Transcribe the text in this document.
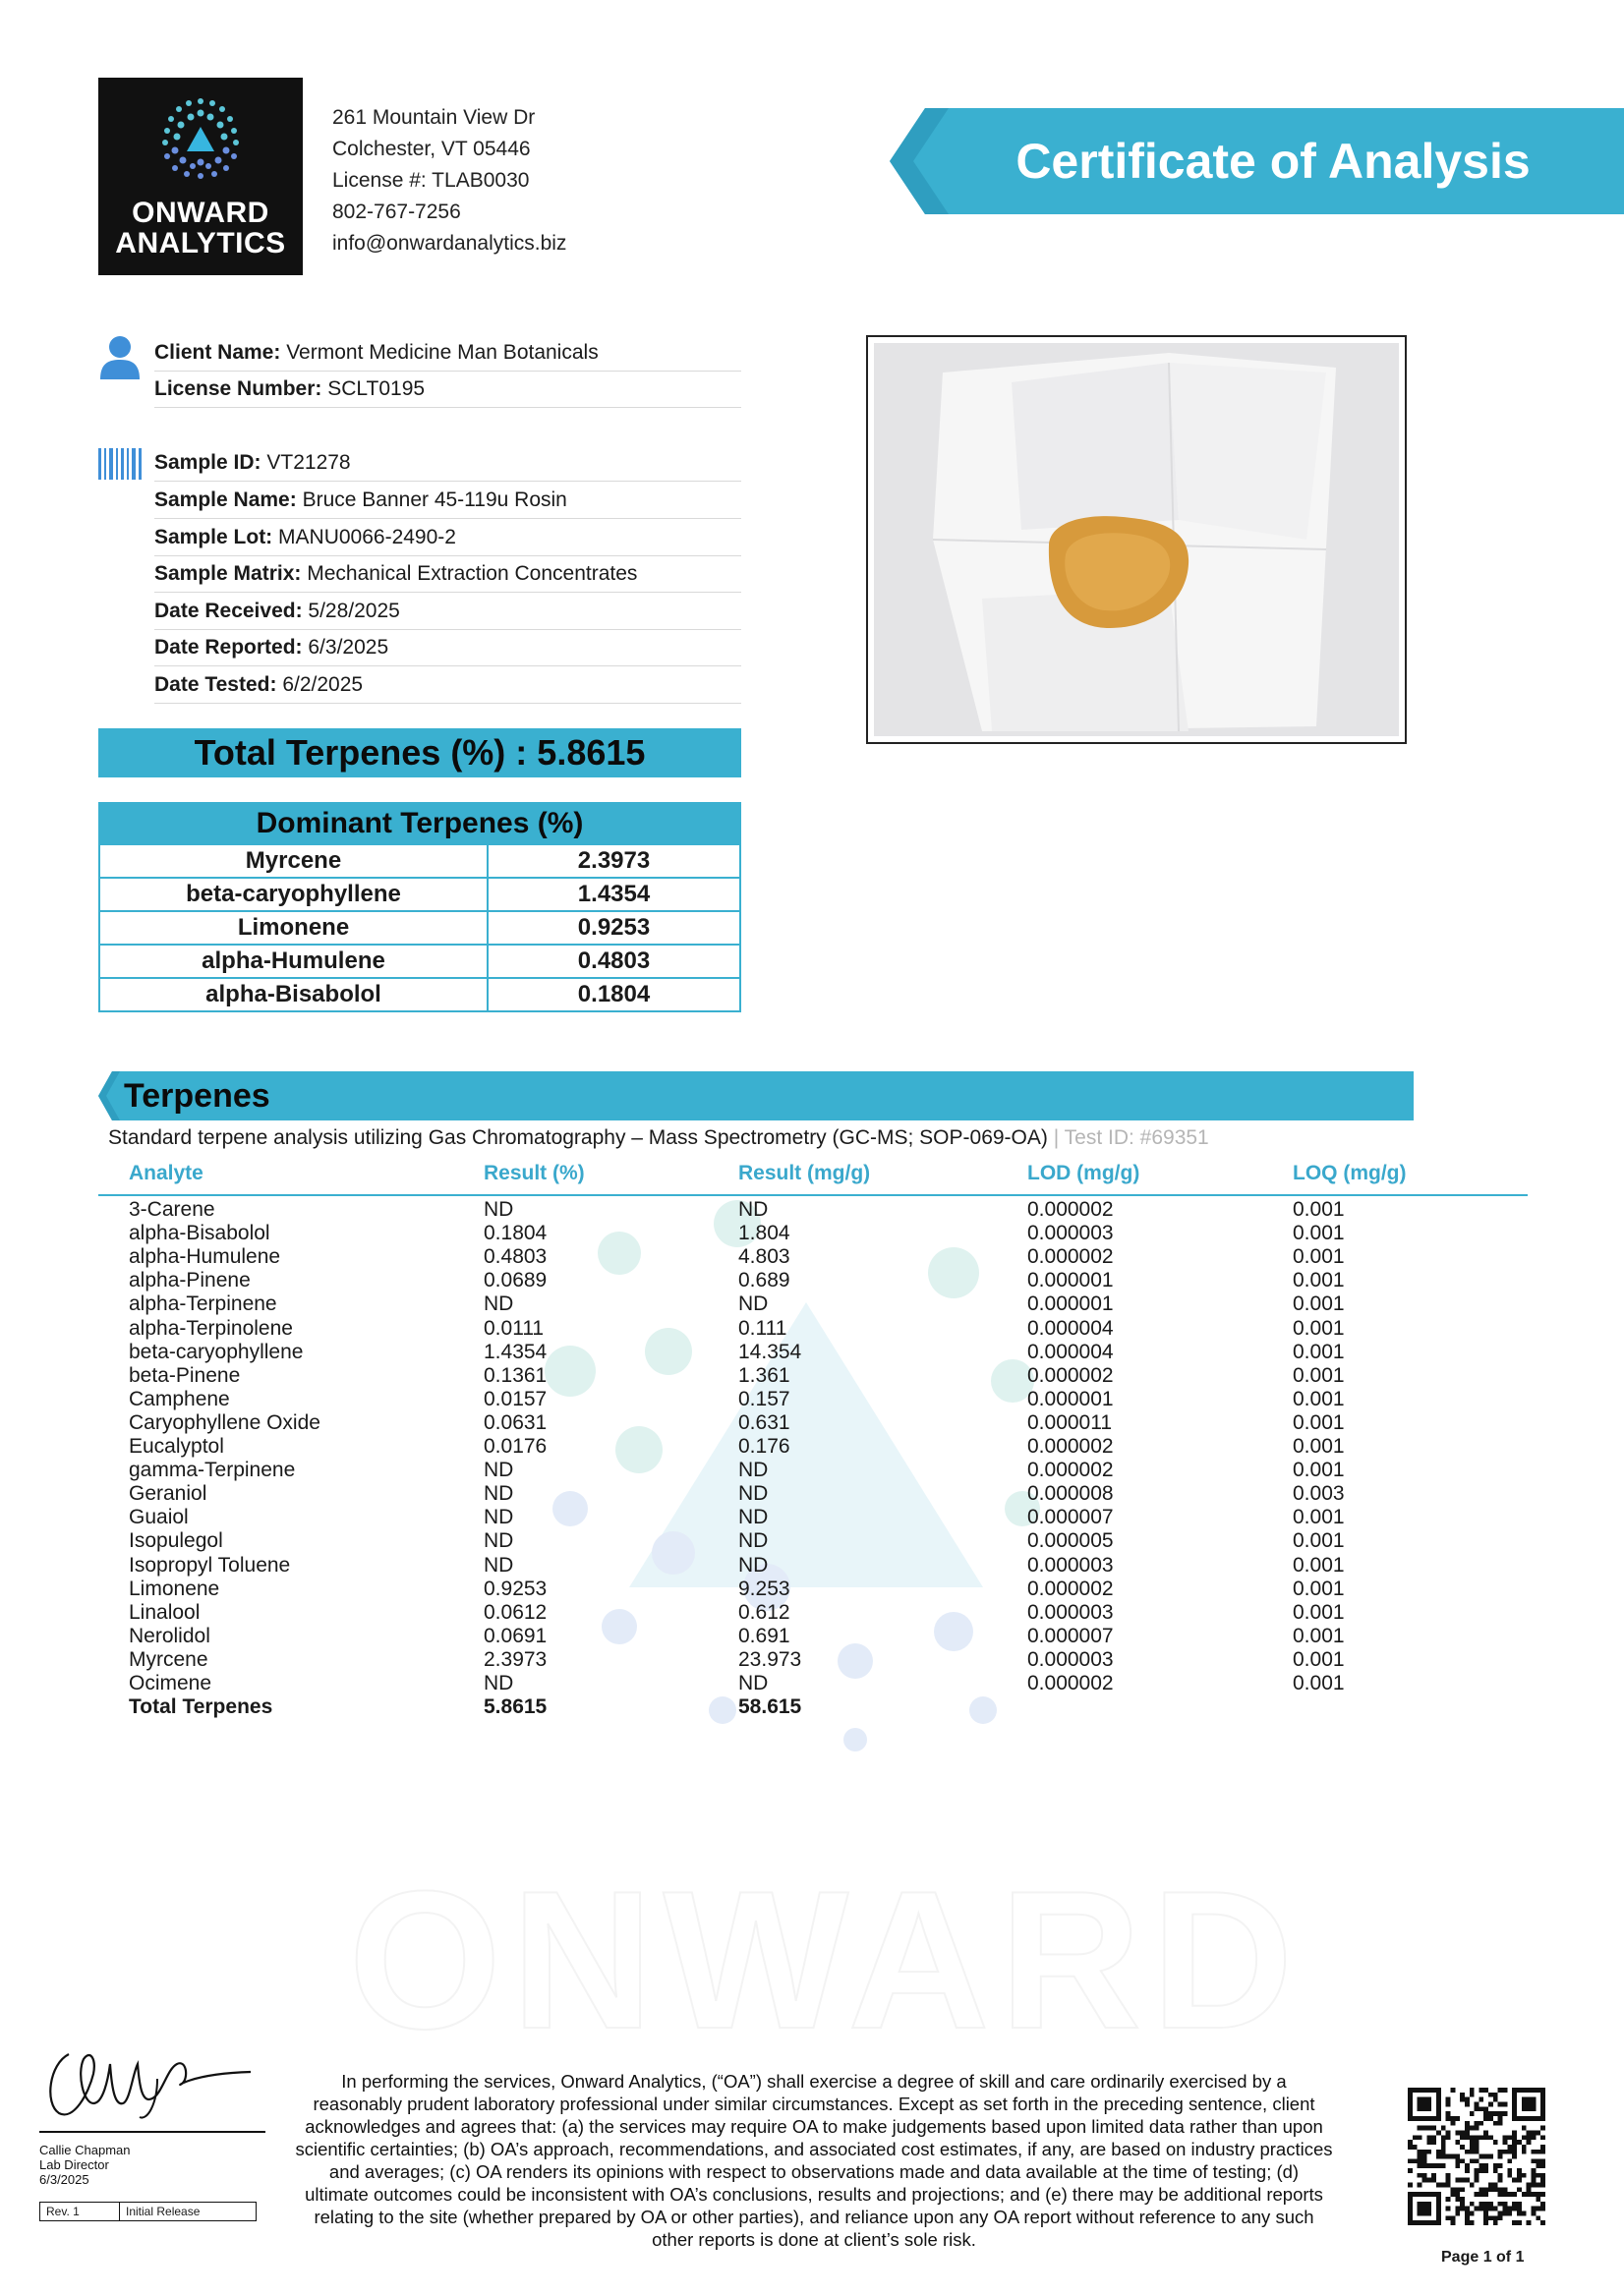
ONWARD
ANALYTICS
261 Mountain View Dr
Colchester, VT 05446
License #: TLAB0030
802-767-7256
info@onwardanalytics.biz
Certificate of Analysis
Client Name: Vermont Medicine Man Botanicals
License Number: SCLT0195
Sample ID: VT21278
Sample Name: Bruce Banner 45-119u Rosin
Sample Lot: MANU0066-2490-2
Sample Matrix: Mechanical Extraction Concentrates
Date Received: 5/28/2025
Date Reported: 6/3/2025
Date Tested: 6/2/2025
Total Terpenes (%) : 5.8615
Dominant Terpenes (%)	
Myrcene	2.3973
beta-caryophyllene	1.4354
Limonene	0.9253
alpha-Humulene	0.4803
alpha-Bisabolol	0.1804
Terpenes
Standard terpene analysis utilizing Gas Chromatography – Mass Spectrometry (GC-MS; SOP-069-OA) | Test ID: #69351
Analyte	Result (%)	Result (mg/g)	LOD (mg/g)	LOQ (mg/g)
3-Carene	ND	ND	0.000002	0.001
alpha-Bisabolol	0.1804	1.804	0.000003	0.001
alpha-Humulene	0.4803	4.803	0.000002	0.001
alpha-Pinene	0.0689	0.689	0.000001	0.001
alpha-Terpinene	ND	ND	0.000001	0.001
alpha-Terpinolene	0.0111	0.111	0.000004	0.001
beta-caryophyllene	1.4354	14.354	0.000004	0.001
beta-Pinene	0.1361	1.361	0.000002	0.001
Camphene	0.0157	0.157	0.000001	0.001
Caryophyllene Oxide	0.0631	0.631	0.000011	0.001
Eucalyptol	0.0176	0.176	0.000002	0.001
gamma-Terpinene	ND	ND	0.000002	0.001
Geraniol	ND	ND	0.000008	0.003
Guaiol	ND	ND	0.000007	0.001
Isopulegol	ND	ND	0.000005	0.001
Isopropyl Toluene	ND	ND	0.000003	0.001
Limonene	0.9253	9.253	0.000002	0.001
Linalool	0.0612	0.612	0.000003	0.001
Nerolidol	0.0691	0.691	0.000007	0.001
Myrcene	2.3973	23.973	0.000003	0.001
Ocimene	ND	ND	0.000002	0.001
Total Terpenes	5.8615	58.615
ONWARD
Callie Chapman
Lab Director
6/3/2025
Rev. 1	Initial Release
In performing the services, Onward Analytics, (“OA”) shall exercise a degree of skill and care ordinarily exercised by a reasonably prudent laboratory professional under similar circumstances. Except as set forth in the preceding sentence, client acknowledges and agrees that: (a) the services may require OA to make judgements based upon limited data rather than upon scientific certainties; (b) OA’s approach, recommendations, and associated cost estimates, if any, are based on industry practices and averages; (c) OA renders its opinions with respect to observations made and data available at the time of testing; (d) ultimate outcomes could be inconsistent with OA’s conclusions, results and projections; and (e) there may be additional reports relating to the site (whether prepared by OA or other parties), and reliance upon any OA report without reference to any such other reports is done at client’s sole risk.
Page 1 of 1
